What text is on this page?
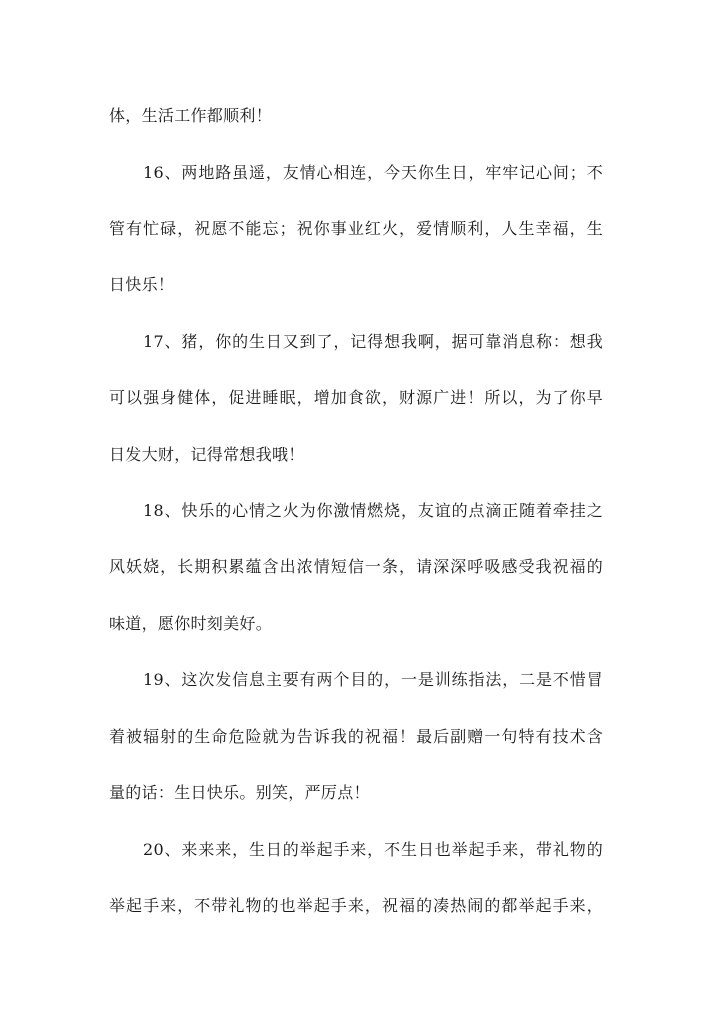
体，生活工作都顺利！
16、两地路虽遥，友情心相连，今天你生日，牢牢记心间；不
管有忙碌，祝愿不能忘；祝你事业红火，爱情顺利，人生幸福，生
日快乐！
17、猪，你的生日又到了，记得想我啊，据可靠消息称：想我
可以强身健体，促进睡眠，增加食欲，财源广进！所以，为了你早
日发大财，记得常想我哦！
18、快乐的心情之火为你激情燃烧，友谊的点滴正随着牵挂之
风妖娆，长期积累蕴含出浓情短信一条，请深深呼吸感受我祝福的
味道，愿你时刻美好。
19、这次发信息主要有两个目的，一是训练指法，二是不惜冒
着被辐射的生命危险就为告诉我的祝福！最后副赠一句特有技术含
量的话：生日快乐。别笑，严厉点！
20、来来来，生日的举起手来，不生日也举起手来，带礼物的
举起手来，不带礼物的也举起手来，祝福的凑热闹的都举起手来，
